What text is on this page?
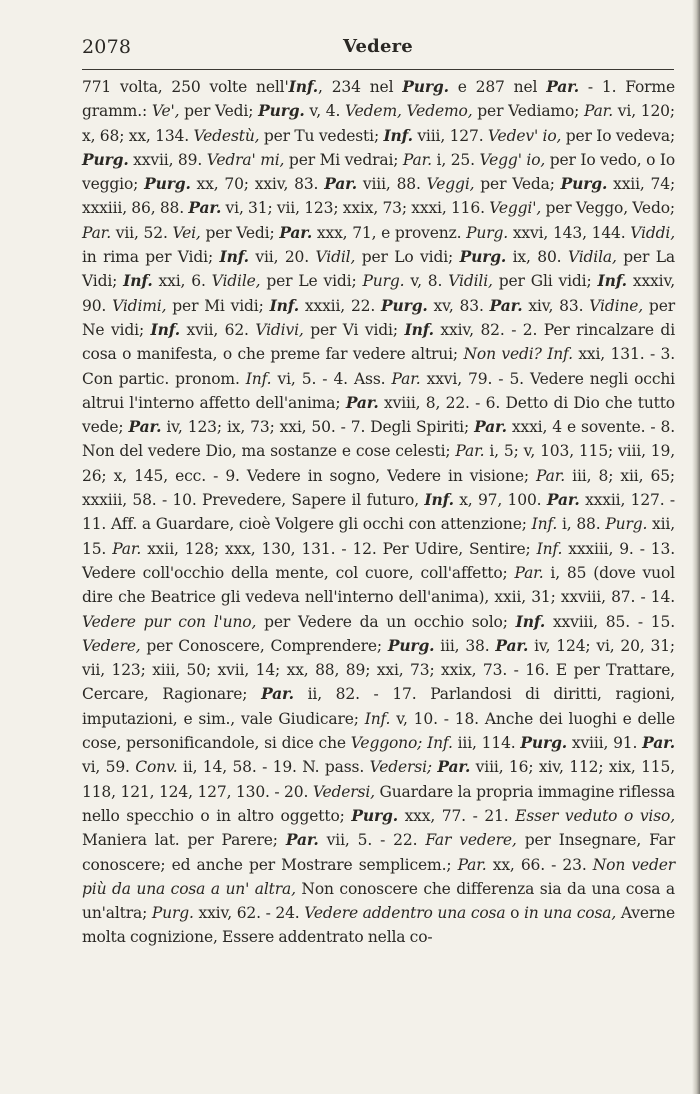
2078	Vedere
771 volta, 250 volte nell'Inf., 234 nel Purg. e 287 nel Par. - 1. Forme gramm.: Ve', per Vedi; Purg. v, 4. Vedem, Vedemo, per Vediamo; Par. vi, 120; x, 68; xx, 134. Vedestù, per Tu vedesti; Inf. viii, 127. Vedev' io, per Io vedeva; Purg. xxvii, 89. Vedra' mi, per Mi vedrai; Par. i, 25. Vegg' io, per Io vedo, o Io veggio; Purg. xx, 70; xxiv, 83. Par. viii, 88. Veggi, per Veda; Purg. xxii, 74; xxxiii, 86, 88. Par. vi, 31; vii, 123; xxix, 73; xxxi, 116. Veggi', per Veggo, Vedo; Par. vii, 52. Vei, per Vedi; Par. xxx, 71, e provenz. Purg. xxvi, 143, 144. Viddi, in rima per Vidi; Inf. vii, 20. Vidil, per Lo vidi; Purg. ix, 80. Vidila, per La Vidi; Inf. xxi, 6. Vidile, per Le vidi; Purg. v, 8. Vidili, per Gli vidi; Inf. xxxiv, 90. Vidimi, per Mi vidi; Inf. xxxii, 22. Purg. xv, 83. Par. xiv, 83. Vidine, per Ne vidi; Inf. xvii, 62. Vidivi, per Vi vidi; Inf. xxiv, 82. - 2. Per rincalzare di cosa o manifesta, o che preme far vedere altrui; Non vedi? Inf. xxi, 131. - 3. Con partic. pronom. Inf. vi, 5. - 4. Ass. Par. xxvi, 79. - 5. Vedere negli occhi altrui l'interno affetto dell'anima; Par. xviii, 8, 22. - 6. Detto di Dio che tutto vede; Par. iv, 123; ix, 73; xxi, 50. - 7. Degli Spiriti; Par. xxxi, 4 e sovente. - 8. Non del vedere Dio, ma sostanze e cose celesti; Par. i, 5; v, 103, 115; viii, 19, 26; x, 145, ecc. - 9. Vedere in sogno, Vedere in visione; Par. iii, 8; xii, 65; xxxiii, 58. - 10. Prevedere, Sapere il futuro, Inf. x, 97, 100. Par. xxxii, 127. - 11. Aff. a Guardare, cioè Volgere gli occhi con attenzione; Inf. i, 88. Purg. xii, 15. Par. xxii, 128; xxx, 130, 131. - 12. Per Udire, Sentire; Inf. xxxiii, 9. - 13. Vedere coll'occhio della mente, col cuore, coll'affetto; Par. i, 85 (dove vuol dire che Beatrice gli vedeva nell'interno dell'anima), xxii, 31; xxviii, 87. - 14. Vedere pur con l'uno, per Vedere da un occhio solo; Inf. xxviii, 85. - 15. Vedere, per Conoscere, Comprendere; Purg. iii, 38. Par. iv, 124; vi, 20, 31; vii, 123; xiii, 50; xvii, 14; xx, 88, 89; xxi, 73; xxix, 73. - 16. E per Trattare, Cercare, Ragionare; Par. ii, 82. - 17. Parlandosi di diritti, ragioni, imputazioni, e sim., vale Giudicare; Inf. v, 10. - 18. Anche dei luoghi e delle cose, personificandole, si dice che Veggono; Inf. iii, 114. Purg. xviii, 91. Par. vi, 59. Conv. ii, 14, 58. - 19. N. pass. Vedersi; Par. viii, 16; xiv, 112; xix, 115, 118, 121, 124, 127, 130. - 20. Vedersi, Guardare la propria immagine riflessa nello specchio o in altro oggetto; Purg. xxx, 77. - 21. Esser veduto o viso, Maniera lat. per Parere; Par. vii, 5. - 22. Far vedere, per Insegnare, Far conoscere; ed anche per Mostrare semplicem.; Par. xx, 66. - 23. Non veder più da una cosa a un' altra, Non conoscere che differenza sia da una cosa a un'altra; Purg. xxiv, 62. - 24. Vedere addentro una cosa o in una cosa, Averne molta cognizione, Essere addentrato nella co-
